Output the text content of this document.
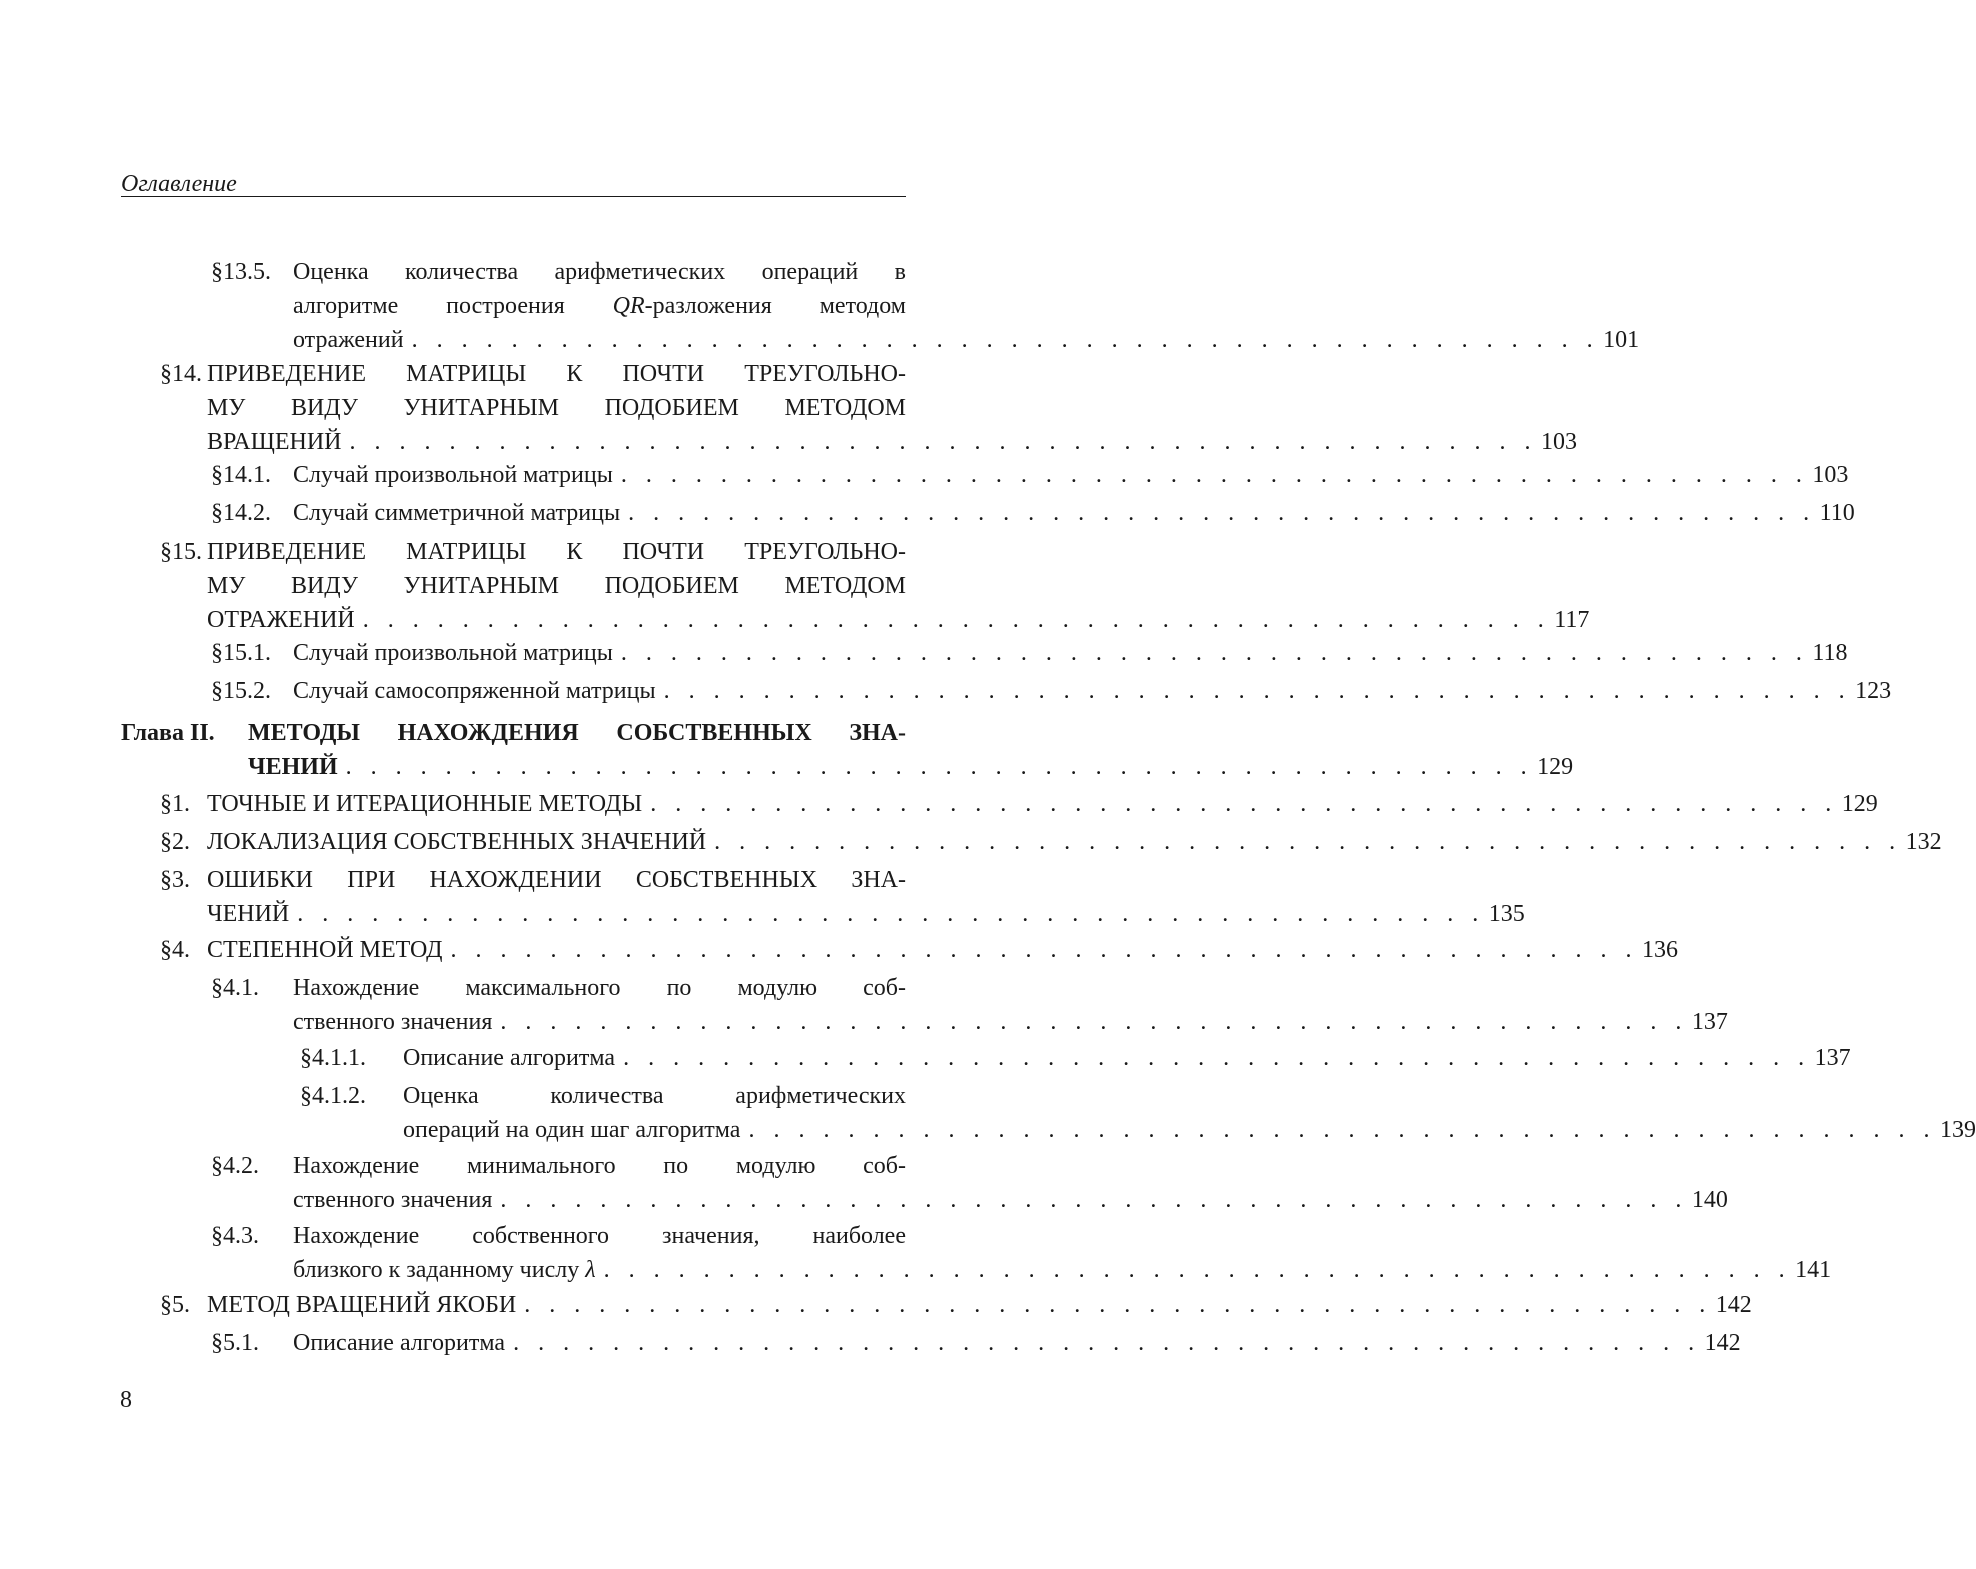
Оглавление
§13.5. Оценка количества арифметических операций в
алгоритме построения QR-разложения методом
отражений . . . . . . . . . . . . . . . . . . . . . . . . . . . . . . . . . . . . . . . . . . . . . . . . 101
§14. ПРИВЕДЕНИЕ МАТРИЦЫ К ПОЧТИ ТРЕУГОЛЬНО-
МУ ВИДУ УНИТАРНЫМ ПОДОБИЕМ МЕТОДОМ
ВРАЩЕНИЙ . . . . . . . . . . . . . . . . . . . . . . . . . . . . . . . . . . . . . . . . . . . . . . . . 103
§14.1. Случай произвольной матрицы . . . . . . . . . . . . . . . . . . . . . . . . . . . . . . . . . . . . . . . . . . . . . . . . 103
§14.2. Случай симметричной матрицы . . . . . . . . . . . . . . . . . . . . . . . . . . . . . . . . . . . . . . . . . . . . . . . . 110
§15. ПРИВЕДЕНИЕ МАТРИЦЫ К ПОЧТИ ТРЕУГОЛЬНО-
МУ ВИДУ УНИТАРНЫМ ПОДОБИЕМ МЕТОДОМ
ОТРАЖЕНИЙ . . . . . . . . . . . . . . . . . . . . . . . . . . . . . . . . . . . . . . . . . . . . . . . . 117
§15.1. Случай произвольной матрицы . . . . . . . . . . . . . . . . . . . . . . . . . . . . . . . . . . . . . . . . . . . . . . . . 118
§15.2. Случай самосопряженной матрицы . . . . . . . . . . . . . . . . . . . . . . . . . . . . . . . . . . . . . . . . . . . . . . . . 123
Глава II. МЕТОДЫ НАХОЖДЕНИЯ СОБСТВЕННЫХ ЗНА-
ЧЕНИЙ . . . . . . . . . . . . . . . . . . . . . . . . . . . . . . . . . . . . . . . . . . . . . . . . 129
§1. ТОЧНЫЕ И ИТЕРАЦИОННЫЕ МЕТОДЫ . . . . . . . . . . . . . . . . . . . . . . . . . . . . . . . . . . . . . . . . . . . . . . . . 129
§2. ЛОКАЛИЗАЦИЯ СОБСТВЕННЫХ ЗНАЧЕНИЙ . . . . . . . . . . . . . . . . . . . . . . . . . . . . . . . . . . . . . . . . . . . . . . . . 132
§3. ОШИБКИ ПРИ НАХОЖДЕНИИ СОБСТВЕННЫХ ЗНА-
ЧЕНИЙ . . . . . . . . . . . . . . . . . . . . . . . . . . . . . . . . . . . . . . . . . . . . . . . . 135
§4. СТЕПЕННОЙ МЕТОД . . . . . . . . . . . . . . . . . . . . . . . . . . . . . . . . . . . . . . . . . . . . . . . . 136
§4.1. Нахождение максимального по модулю соб-
ственного значения . . . . . . . . . . . . . . . . . . . . . . . . . . . . . . . . . . . . . . . . . . . . . . . . 137
§4.1.1. Описание алгоритма . . . . . . . . . . . . . . . . . . . . . . . . . . . . . . . . . . . . . . . . . . . . . . . . 137
§4.1.2. Оценка количества арифметических
операций на один шаг алгоритма . . . . . . . . . . . . . . . . . . . . . . . . . . . . . . . . . . . . . . . . . . . . . . . . 139
§4.2. Нахождение минимального по модулю соб-
ственного значения . . . . . . . . . . . . . . . . . . . . . . . . . . . . . . . . . . . . . . . . . . . . . . . . 140
§4.3. Нахождение собственного значения, наиболее
близкого к заданному числу λ . . . . . . . . . . . . . . . . . . . . . . . . . . . . . . . . . . . . . . . . . . . . . . . . 141
§5. МЕТОД ВРАЩЕНИЙ ЯКОБИ . . . . . . . . . . . . . . . . . . . . . . . . . . . . . . . . . . . . . . . . . . . . . . . . 142
§5.1. Описание алгоритма . . . . . . . . . . . . . . . . . . . . . . . . . . . . . . . . . . . . . . . . . . . . . . . . 142
8
